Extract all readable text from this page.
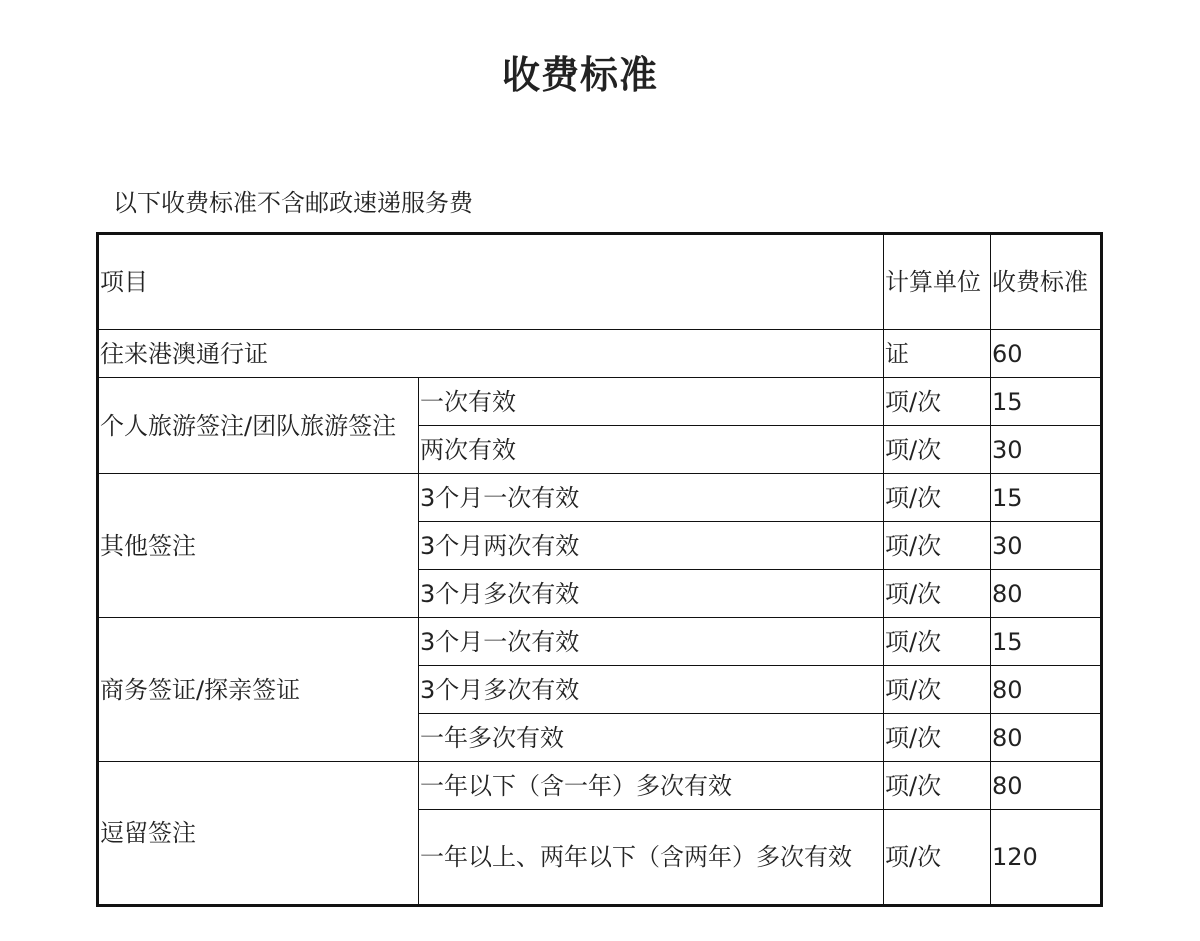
收费标准
以下收费标准不含邮政速递服务费
项目		计算单位	收费标准
往来港澳通行证		证	60
个人旅游签注/团队旅游签注	一次有效	项/次	15
	两次有效	项/次	30
其他签注	3个月一次有效	项/次	15
	3个月两次有效	项/次	30
	3个月多次有效	项/次	80
商务签证/探亲签证	3个月一次有效	项/次	15
	3个月多次有效	项/次	80
	一年多次有效	项/次	80
逗留签注	一年以下（含一年）多次有效	项/次	80
	一年以上、两年以下（含两年）多次有效	项/次	120
